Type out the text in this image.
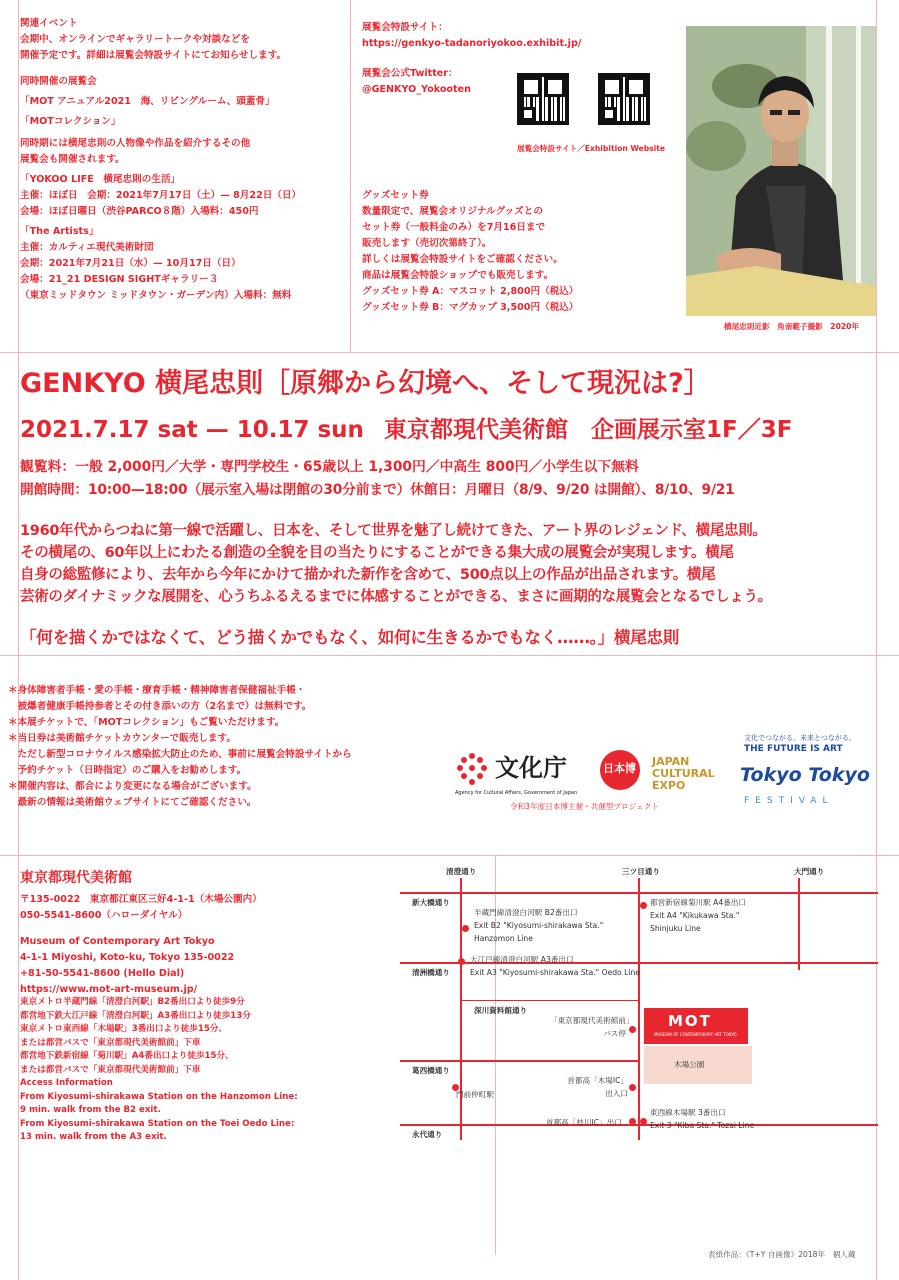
関連イベント
会期中、オンラインでギャラリートークや対談などを
開催予定です。詳細は展覧会特設サイトにてお知らせします。
同時開催の展覧会
「MOT アニュアル2021　海、リビングルーム、頭蓋骨」
「MOTコレクション」
同時期には横尾忠則の人物像や作品を紹介するその他
展覧会も開催されます。
「YOKOO LIFE　横尾忠則の生活」
主催：ほぼ日　会期：2021年7月17日（土）— 8月22日（日）
会場：ほぼ日曜日（渋谷PARCO８階）入場料：450円
「The Artists」
主催：カルティエ現代美術財団
会期：2021年7月21日（水）— 10月17日（日）
会場：21_21 DESIGN SIGHTギャラリー３
（東京ミッドタウン ミッドタウン・ガーデン内）入場料：無料
展覧会特設サイト：
https://genkyo-tadanoriyokoo.exhibit.jp/
展覧会公式Twitter：
@GENKYO_Yokooten
展覧会特設サイト／Exhibition Website
グッズセット券
数量限定で、展覧会オリジナルグッズとの
セット券（一般料金のみ）を7月16日まで
販売します（売切次第終了）。
詳しくは展覧会特設サイトをご確認ください。
商品は展覧会特設ショップでも販売します。
グッズセット券 A：マスコット 2,800円（税込）
グッズセット券 B：マグカップ 3,500円（税込）
横尾忠則近影　角南範子撮影　2020年
GENKYO 横尾忠則［原郷から幻境へ、そして現況は?］
2021.7.17 sat — 10.17 sun 東京都現代美術館　企画展示室1F／3F
観覧料：一般 2,000円／大学・専門学校生・65歳以上 1,300円／中高生 800円／小学生以下無料
開館時間：10:00—18:00（展示室入場は閉館の30分前まで）休館日：月曜日（8/9、9/20 は開館）、8/10、9/21
1960年代からつねに第一線で活躍し、日本を、そして世界を魅了し続けてきた、アート界のレジェンド、横尾忠則。
その横尾の、60年以上にわたる創造の全貌を目の当たりにすることができる集大成の展覧会が実現します。横尾
自身の総監修により、去年から今年にかけて描かれた新作を含めて、500点以上の作品が出品されます。横尾
芸術のダイナミックな展開を、心うちふるえるまでに体感することができる、まさに画期的な展覧会となるでしょう。
「何を描くかではなくて、どう描くかでもなく、如何に生きるかでもなく……。」横尾忠則
＊身体障害者手帳・愛の手帳・療育手帳・精神障害者保健福祉手帳・
　被爆者健康手帳持参者とその付き添いの方（2名まで）は無料です。
＊本展チケットで、「MOTコレクション」もご覧いただけます。
＊当日券は美術館チケットカウンターで販売します。
　ただし新型コロナウイルス感染拡大防止のため、事前に展覧会特設サイトから
　予約チケット（日時指定）のご購入をお勧めします。
＊開催内容は、都合により変更になる場合がございます。
　最新の情報は美術館ウェブサイトにてご確認ください。
文化庁
Agency for Cultural Affairs, Government of Japan
日本博
JAPAN
CULTURAL
EXPO
文化でつながる。未来とつながる。
THE FUTURE IS ART
Tokyo Tokyo
FESTIVAL
令和3年度日本博主催・共催型プロジェクト
東京都現代美術館
〒135-0022　東京都江東区三好4-1-1（木場公園内）
050-5541-8600（ハローダイヤル）
Museum of Contemporary Art Tokyo
4-1-1 Miyoshi, Koto-ku, Tokyo 135-0022
+81-50-5541-8600 (Hello Dial)
https://www.mot-art-museum.jp/
東京メトロ半蔵門線「清澄白河駅」B2番出口より徒歩9分
都営地下鉄大江戸線「清澄白河駅」A3番出口より徒歩13分
東京メトロ東西線「木場駅」3番出口より徒歩15分、
または都営バスで「東京都現代美術館前」下車
都営地下鉄新宿線「菊川駅」A4番出口より徒歩15分、
または都営バスで「東京都現代美術館前」下車
Access Information
From Kiyosumi-shirakawa Station on the Hanzomon Line:
9 min. walk from the B2 exit.
From Kiyosumi-shirakawa Station on the Toei Oedo Line:
13 min. walk from the A3 exit.
清澄通り	三ツ目通り	大門通り
新大橋通り
清洲橋通り
葛西橋通り
永代通り
深川資料館通り
半蔵門線清澄白河駅 B2番出口
Exit B2 "Kiyosumi-shirakawa Sta."
Hanzomon Line
都営新宿線菊川駅 A4番出口
Exit A4 "Kikukawa Sta."
Shinjuku Line
大江戸線清澄白河駅 A3番出口
Exit A3 "Kiyosumi-shirakawa Sta." Oedo Line
「東京都現代美術館前」
バス停
MOT
MUSEUM OF CONTEMPORARY ART TOKYO
木場公園
首都高「木場IC」
出入口
門前仲町駅
首都高「枝川IC」出口
東西線木場駅 3番出口
Exit 3 "Kiba Sta." Tozai Line
表紙作品：《T+Y 自画像》2018年　個人蔵
